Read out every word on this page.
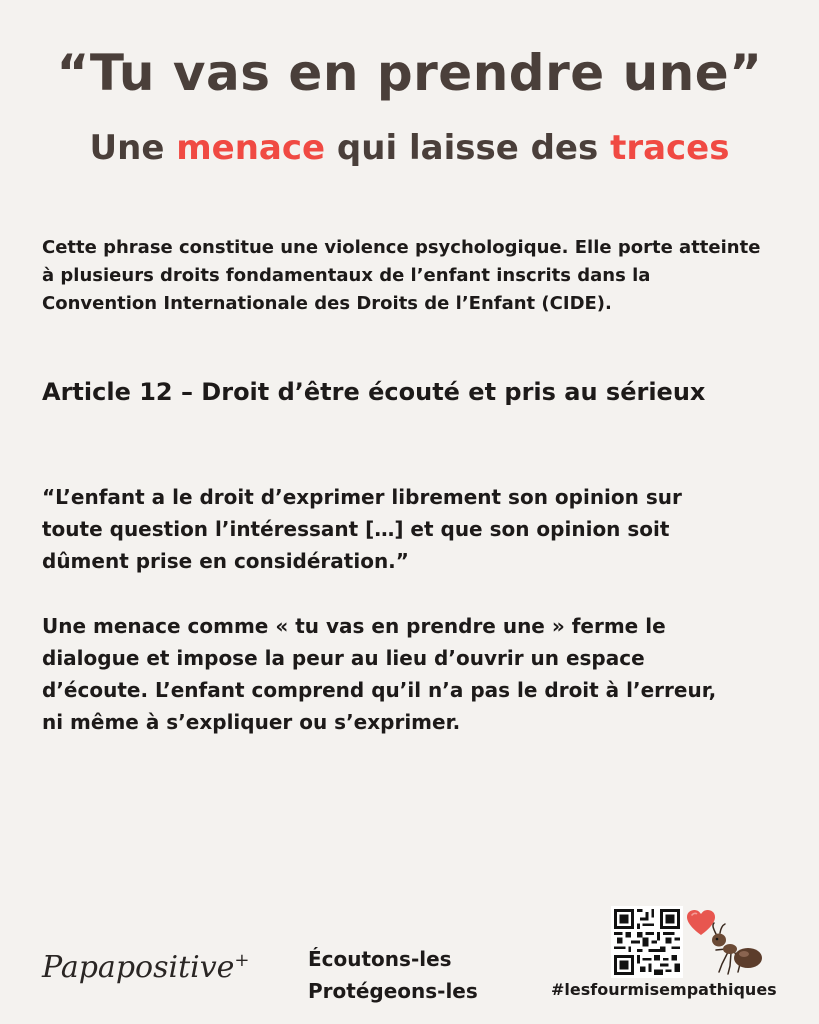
“Tu vas en prendre une”
Une menace qui laisse des traces
Cette phrase constitue une violence psychologique. Elle porte atteinte
à plusieurs droits fondamentaux de l’enfant inscrits dans la
Convention Internationale des Droits de l’Enfant (CIDE).
Article 12 – Droit d’être écouté et pris au sérieux
“L’enfant a le droit d’exprimer librement son opinion sur
toute question l’intéressant […] et que son opinion soit
dûment prise en considération.”
Une menace comme « tu vas en prendre une » ferme le
dialogue et impose la peur au lieu d’ouvrir un espace
d’écoute. L’enfant comprend qu’il n’a pas le droit à l’erreur,
ni même à s’expliquer ou s’exprimer.
Papapositive+	Écoutons-les
Protégeons-les	#lesfourmisempathiques
